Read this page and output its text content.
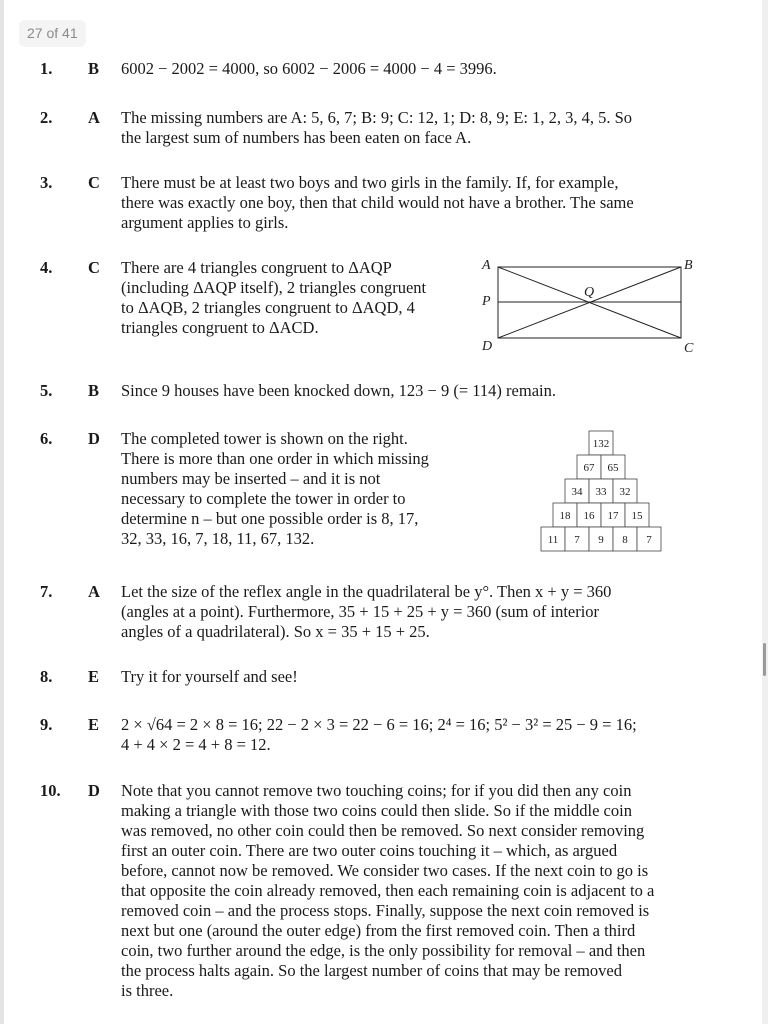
27 of 41
1. B 6002 − 2002 = 4000, so 6002 − 2006 = 4000 − 4 = 3996.

2. A The missing numbers are A: 5, 6, 7; B: 9; C: 12, 1; D: 8, 9; E: 1, 2, 3, 4, 5. So

the largest sum of numbers has been eaten on face A.

3. C There must be at least two boys and two girls in the family. If, for example,

there was exactly one boy, then that child would not have a brother. The same

argument applies to girls.

4. C There are 4 triangles congruent to ΔAQP

(including ΔAQP itself), 2 triangles congruent

to ΔAQB, 2 triangles congruent to ΔAQD, 4

triangles congruent to ΔACD.

A	B
C
D
P
Q
5. B Since 9 houses have been knocked down, 123 − 9 (= 114) remain.

6. D The completed tower is shown on the right.

There is more than one order in which missing

numbers may be inserted – and it is not

necessary to complete the tower in order to

determine n – but one possible order is 8, 17,

32, 33, 16, 7, 18, 11, 67, 132.

132
67 65
34 33 32
18 16 17 15
11 7 9 8 7
7. A Let the size of the reflex angle in the quadrilateral be y°. Then x + y = 360

(angles at a point). Furthermore, 35 + 15 + 25 + y = 360 (sum of interior

angles of a quadrilateral). So x = 35 + 15 + 25.

8. E Try it for yourself and see!

9. E 2 × √64 = 2 × 8 = 16; 22 − 2 × 3 = 22 − 6 = 16; 2⁴ = 16; 5² − 3² = 25 − 9 = 16;

4 + 4 × 2 = 4 + 8 = 12.

10. D Note that you cannot remove two touching coins; for if you did then any coin

making a triangle with those two coins could then slide. So if the middle coin

was removed, no other coin could then be removed. So next consider removing

first an outer coin. There are two outer coins touching it – which, as argued

before, cannot now be removed. We consider two cases. If the next coin to go is

that opposite the coin already removed, then each remaining coin is adjacent to a

removed coin – and the process stops. Finally, suppose the next coin removed is

next but one (around the outer edge) from the first removed coin. Then a third

coin, two further around the edge, is the only possibility for removal – and then

the process halts again. So the largest number of coins that may be removed

is three.
